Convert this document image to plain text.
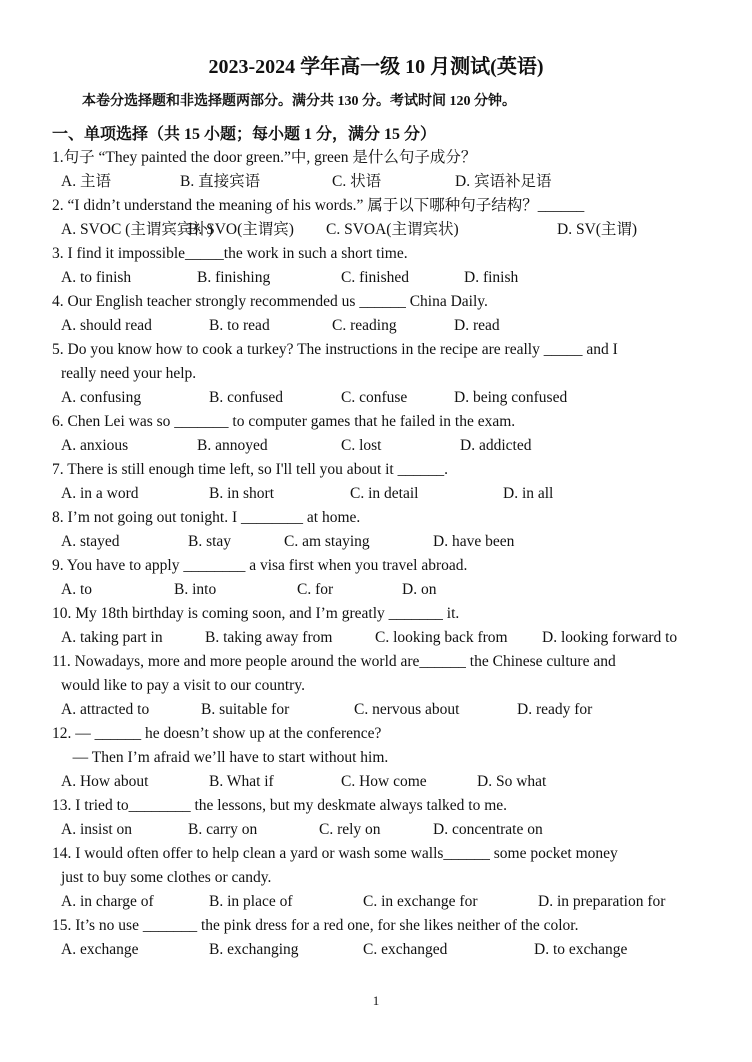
2023-2024 学年高一级 10 月测试(英语)
本卷分选择题和非选择题两部分。满分共 130 分。考试时间 120 分钟。
一、单项选择（共 15 小题；每小题 1 分，满分 15 分）
1.句子 “They painted the door green.”中, green 是什么句子成分？
A. 主语	B. 直接宾语	C. 状语	D. 宾语补足语
2. “I didn’t understand the meaning of his words.” 属于以下哪种句子结构？______
A. SVOC (主谓宾宾补)
B. SVO(主谓宾) C. SVOA(主谓宾状)	D. SV(主谓)
3. I find it impossible_____the work in such a short time.
A. to finish	B. finishing	C. finished	D. finish
4. Our English teacher strongly recommended us ______ China Daily.
A. should read	B. to read	C. reading	D. read
5. Do you know how to cook a turkey? The instructions in the recipe are really _____ and I
really need your help.
A. confusing	B. confused	C. confuse	D. being confused
6. Chen Lei was so _______ to computer games that he failed in the exam.
A. anxious	B. annoyed	C. lost	D. addicted
7. There is still enough time left, so I'll tell you about it ______.
A. in a word	B. in short	C. in detail	D. in all
8. I’m not going out tonight. I ________ at home.
A. stayed	B. stay	C. am staying	D. have been
9. You have to apply ________ a visa first when you travel abroad.
A. to	B. into	C. for	D. on
10. My 18th birthday is coming soon, and I’m greatly _______ it.
A. taking part in	B. taking away from	C. looking back from D. looking forward to
11. Nowadays, more and more people around the world are______ the Chinese culture and
would like to pay a visit to our country.
A. attracted to	B. suitable for	C. nervous about	D. ready for
12. — ______ he doesn’t show up at the conference?
— Then I’m afraid we’ll have to start without him.
A. How about	B. What if	C. How come	D. So what
13. I tried to________ the lessons, but my deskmate always talked to me.
A. insist on	B. carry on	C. rely on	D. concentrate on
14. I would often offer to help clean a yard or wash some walls______ some pocket money
just to buy some clothes or candy.
A. in charge of	B. in place of	C. in exchange for	D. in preparation for
15. It’s no use _______ the pink dress for a red one, for she likes neither of the color.
A. exchange	B. exchanging	C. exchanged	D. to exchange
1
